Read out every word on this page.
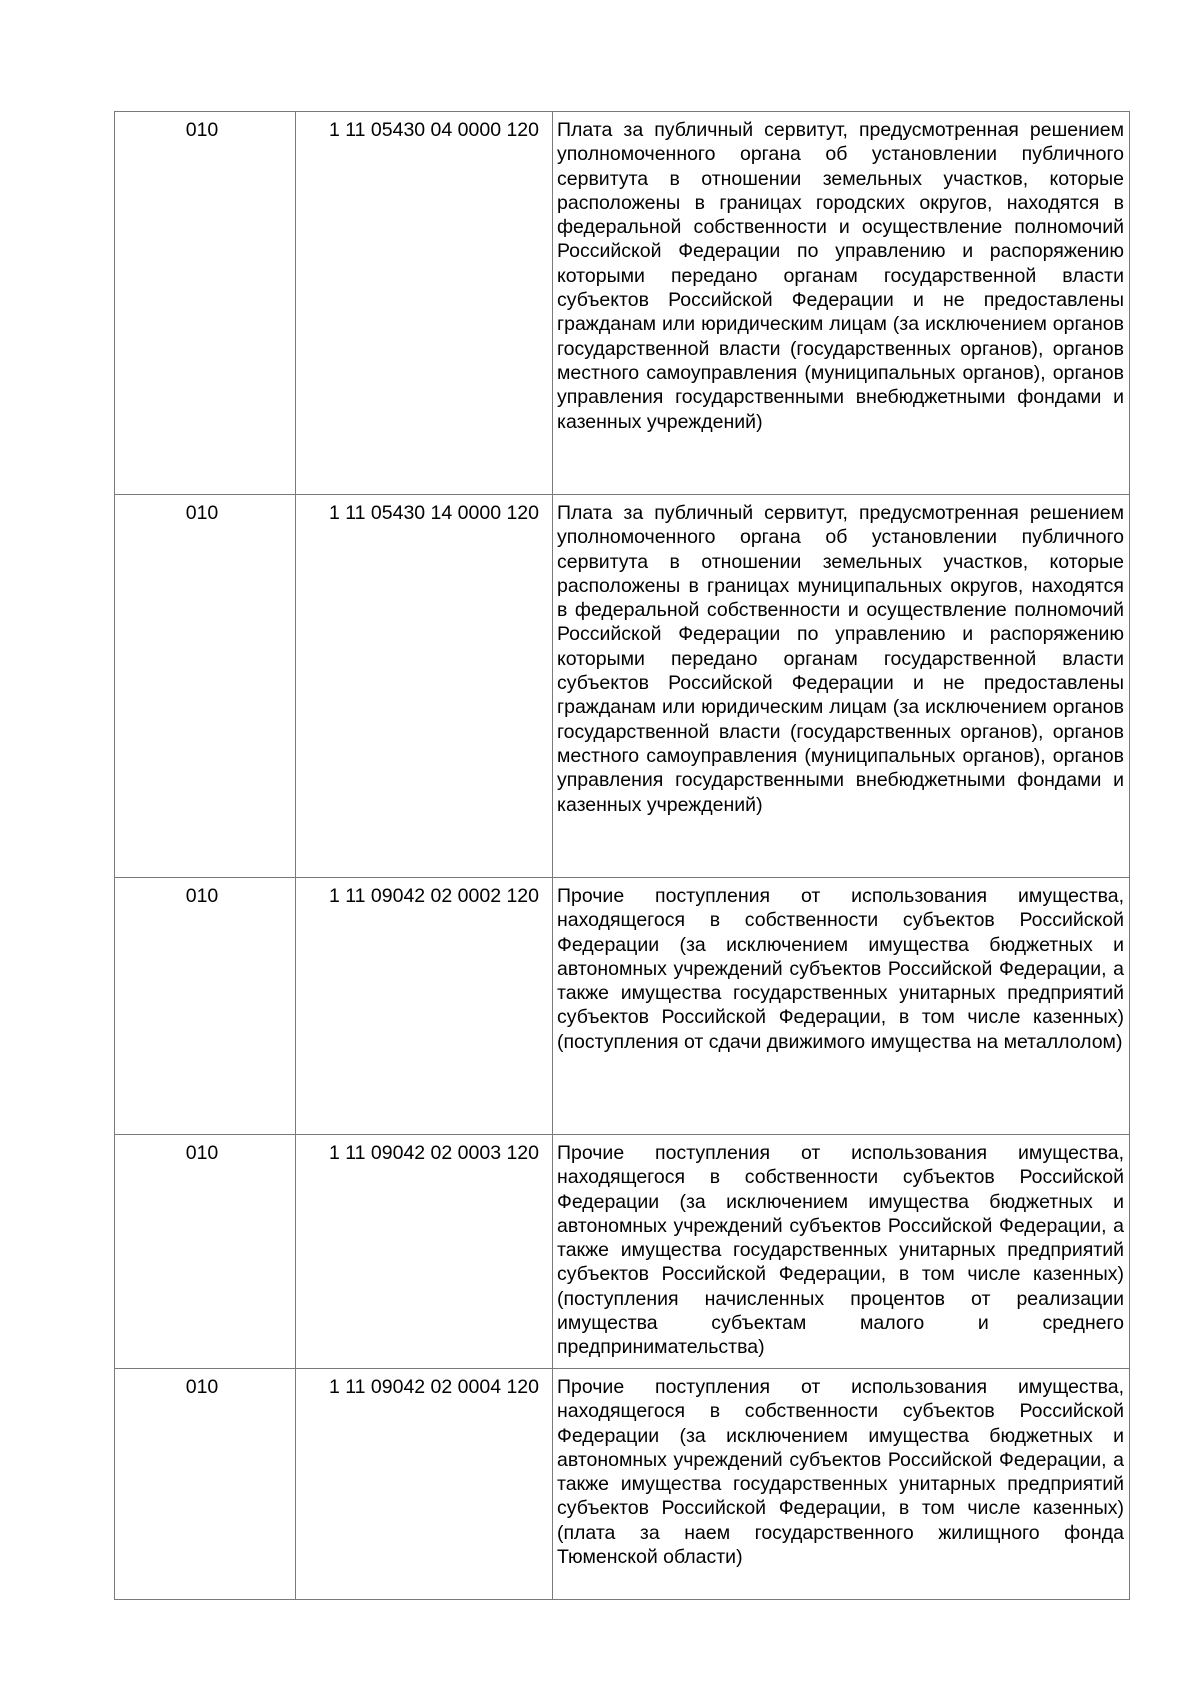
010	1 11 05430 04 0000 120	Плата за публичный сервитут, предусмотренная решением уполномоченного органа об установлении публичного сервитута в отношении земельных участков, которые расположены в границах городских округов, находятся в федеральной собственности и осуществление полномочий Российской Федерации по управлению и распоряжению которыми передано органам государственной власти субъектов Российской Федерации и не предоставлены гражданам или юридическим лицам (за исключением органов государственной власти (государственных органов), органов местного самоуправления (муниципальных органов), органов управления государственными внебюджетными фондами и казенных учреждений)
010	1 11 05430 14 0000 120	Плата за публичный сервитут, предусмотренная решением уполномоченного органа об установлении публичного сервитута в отношении земельных участков, которые расположены в границах муниципальных округов, находятся в федеральной собственности и осуществление полномочий Российской Федерации по управлению и распоряжению которыми передано органам государственной власти субъектов Российской Федерации и не предоставлены гражданам или юридическим лицам (за исключением органов государственной власти (государственных органов), органов местного самоуправления (муниципальных органов), органов управления государственными внебюджетными фондами и казенных учреждений)
010	1 11 09042 02 0002 120	Прочие поступления от использования имущества, находящегося в собственности субъектов Российской Федерации (за исключением имущества бюджетных и автономных учреждений субъектов Российской Федерации, а также имущества государственных унитарных предприятий субъектов Российской Федерации, в том числе казенных) (поступления от сдачи движимого имущества на металлолом)
010	1 11 09042 02 0003 120	Прочие поступления от использования имущества, находящегося в собственности субъектов Российской Федерации (за исключением имущества бюджетных и автономных учреждений субъектов Российской Федерации, а также имущества государственных унитарных предприятий субъектов Российской Федерации, в том числе казенных) (поступления начисленных процентов от реализации имущества субъектам малого и среднего предпринимательства)
010	1 11 09042 02 0004 120	Прочие поступления от использования имущества, находящегося в собственности субъектов Российской Федерации (за исключением имущества бюджетных и автономных учреждений субъектов Российской Федерации, а также имущества государственных унитарных предприятий субъектов Российской Федерации, в том числе казенных) (плата за наем государственного жилищного фонда Тюменской области)
